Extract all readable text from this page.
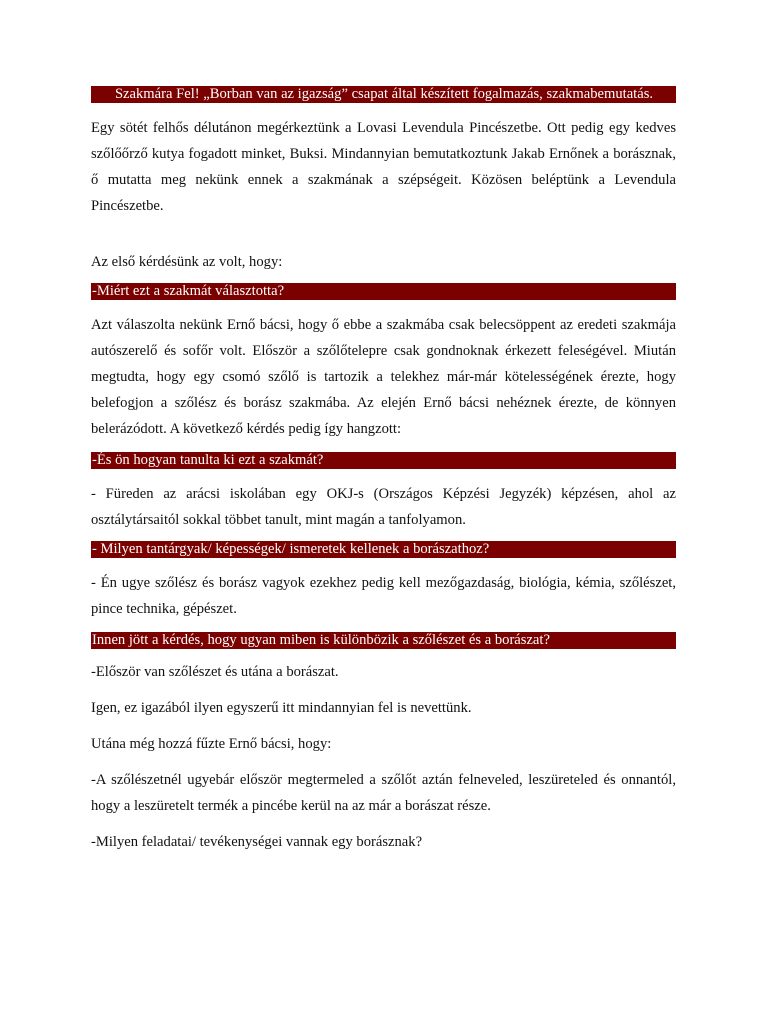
Szakmára Fel! „Borban van az igazság” csapat által készített fogalmazás, szakmabemutatás.

Egy sötét felhős délutánon megérkeztünk a Lovasi Levendula Pincészetbe. Ott pedig egy kedves szőlőőrző kutya fogadott minket, Buksi. Mindannyian bemutatkoztunk Jakab Ernőnek a borásznak, ő mutatta meg nekünk ennek a szakmának a szépségeit. Közösen beléptünk a Levendula Pincészetbe.

Az első kérdésünk az volt, hogy:

-Miért ezt a szakmát választotta?

Azt válaszolta nekünk Ernő bácsi, hogy ő ebbe a szakmába csak belecsöppent az eredeti szakmája autószerelő és sofőr volt. Először a szőlőtelepre csak gondnoknak érkezett feleségével. Miután megtudta, hogy egy csomó szőlő is tartozik a telekhez már-már kötelességének érezte, hogy belefogjon a szőlész és borász szakmába. Az elején Ernő bácsi nehéznek érezte, de könnyen belerázódott. A következő kérdés pedig így hangzott:

-És ön hogyan tanulta ki ezt a szakmát?

- Füreden az arácsi iskolában egy OKJ-s (Országos Képzési Jegyzék) képzésen, ahol az osztálytársaitól sokkal többet tanult, mint magán a tanfolyamon.

- Milyen tantárgyak/ képességek/ ismeretek kellenek a borászathoz?

- Én ugye szőlész és borász vagyok ezekhez pedig kell mezőgazdaság, biológia, kémia, szőlészet, pince technika, gépészet.

Innen jött a kérdés, hogy ugyan miben is különbözik a szőlészet és a borászat?

-Először van szőlészet és utána a borászat.

Igen, ez igazából ilyen egyszerű itt mindannyian fel is nevettünk.

Utána még hozzá fűzte Ernő bácsi, hogy:

-A szőlészetnél ugyebár először megtermeled a szőlőt aztán felneveled, leszüreteled és onnantól, hogy a leszüretelt termék a pincébe kerül na az már a borászat része.

-Milyen feladatai/ tevékenységei vannak egy borásznak?
